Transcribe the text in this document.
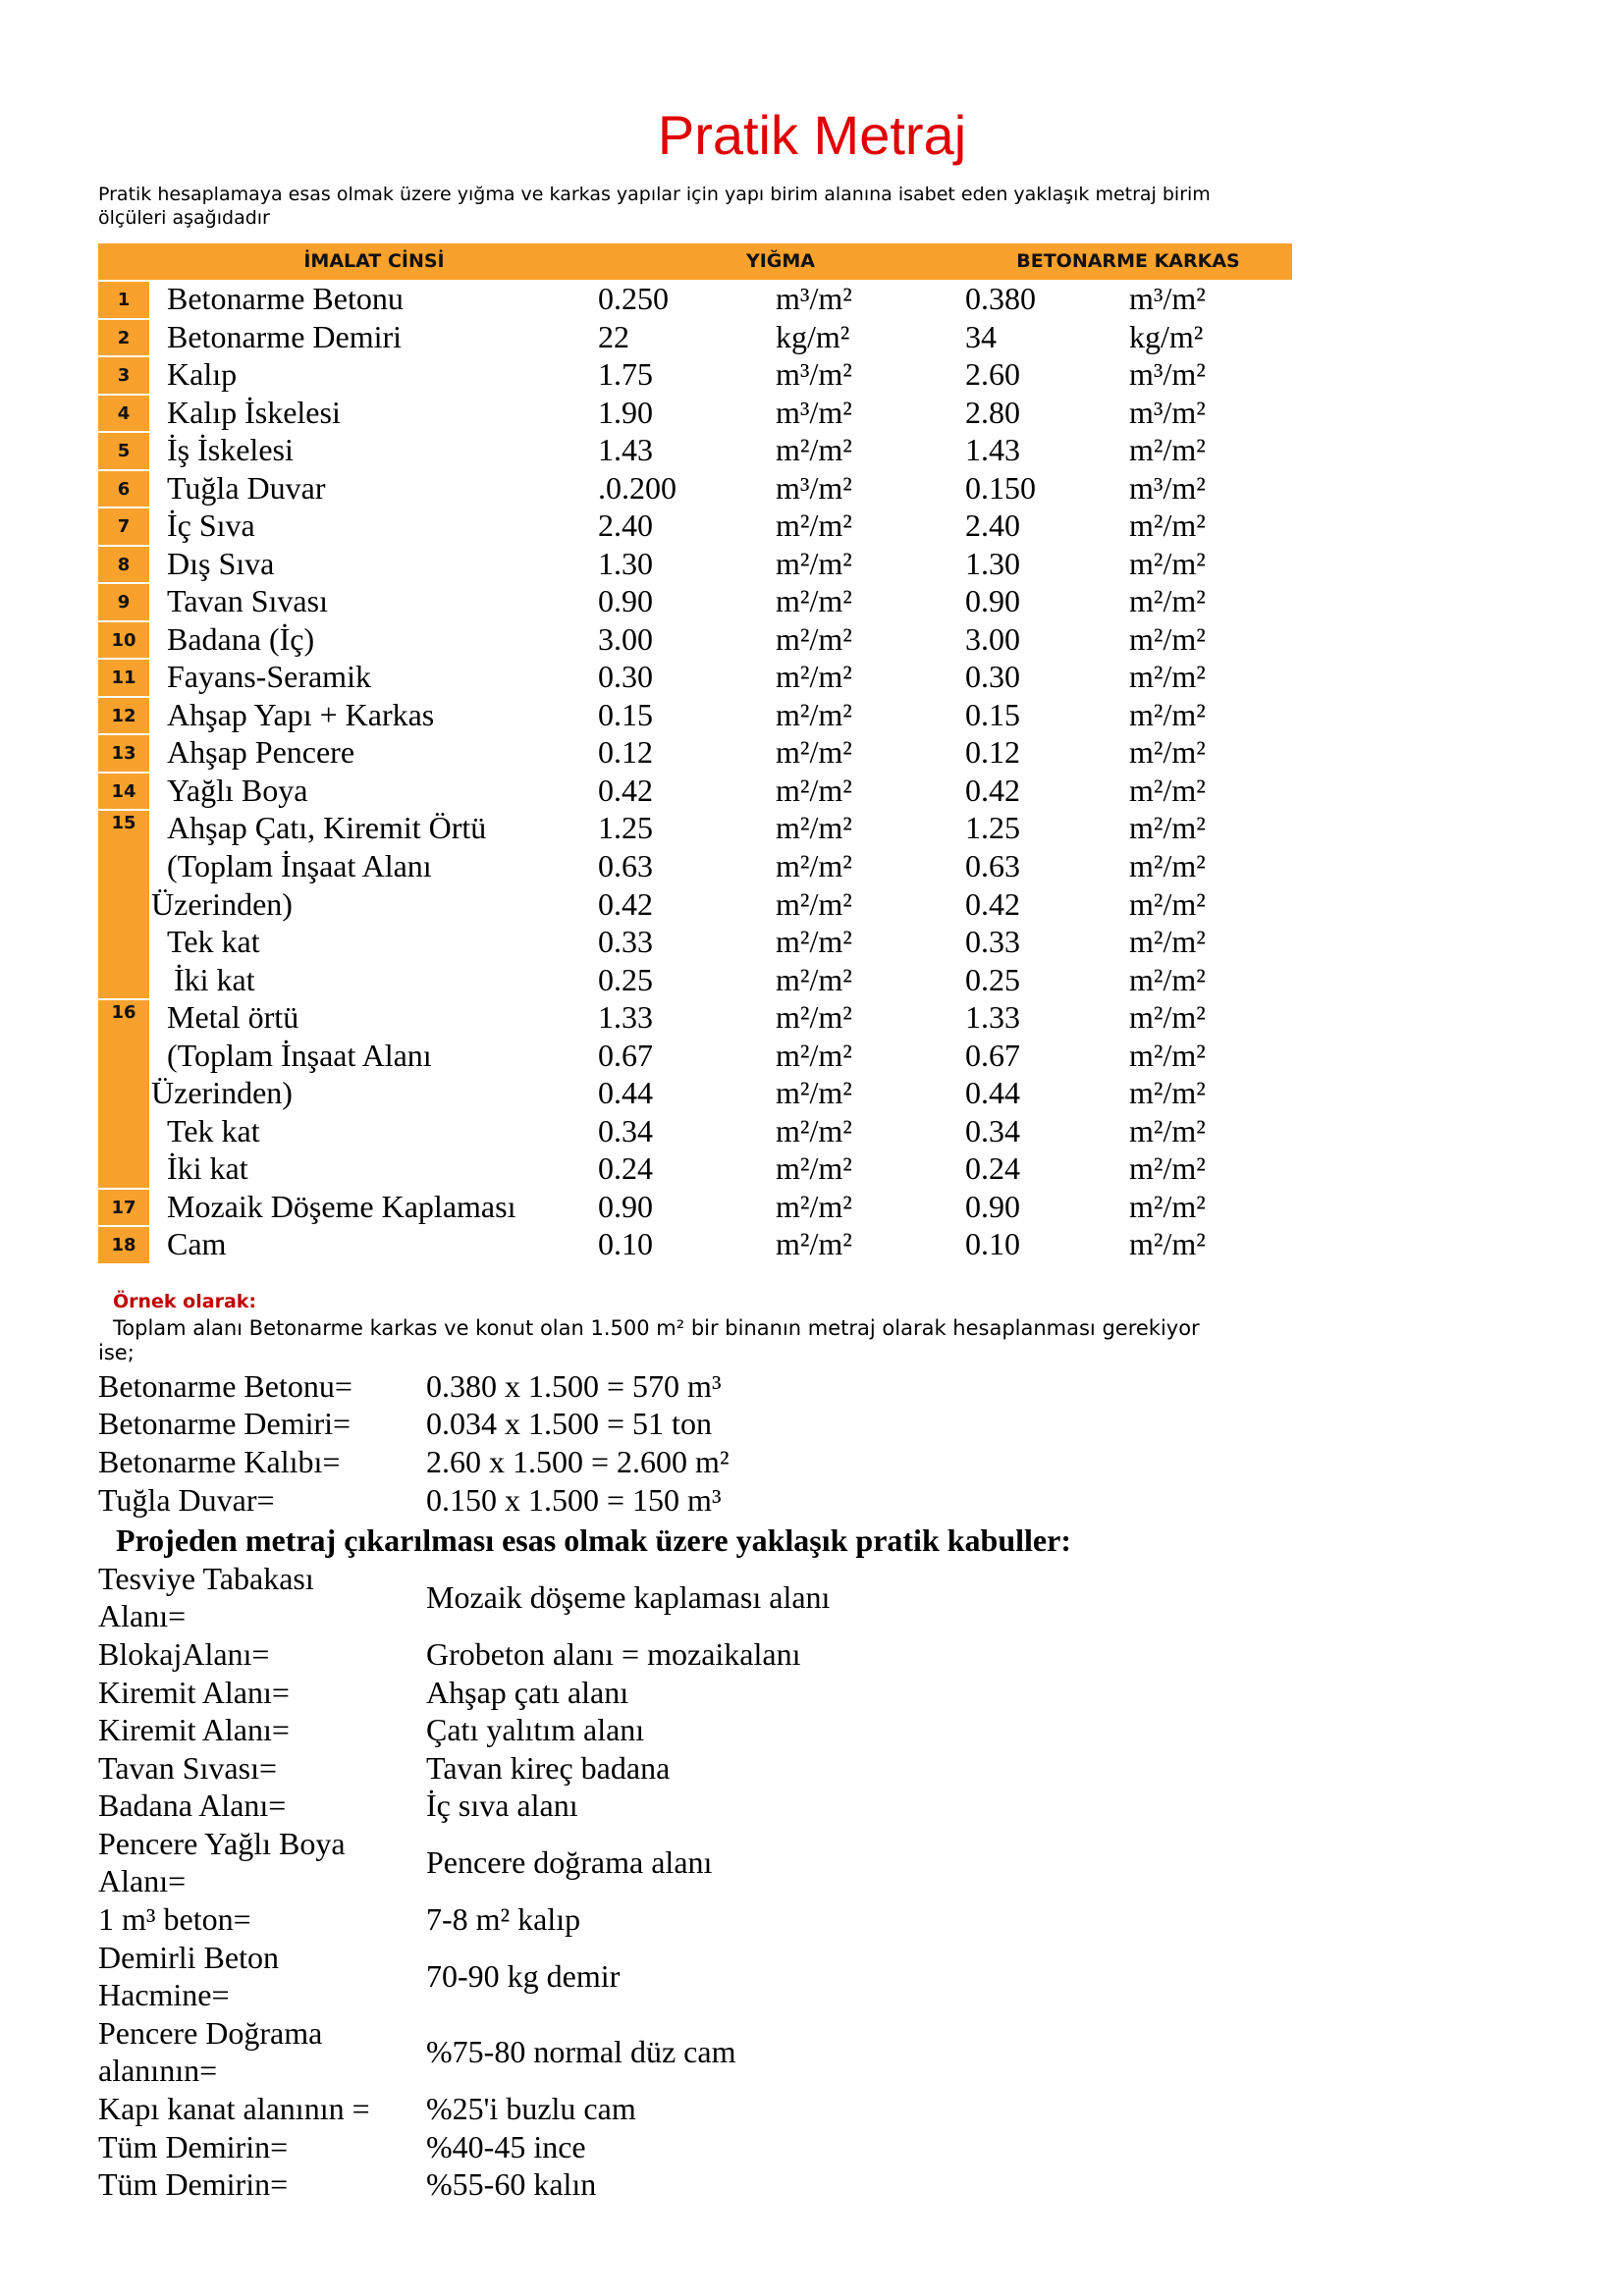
Pratik Metraj
Pratik hesaplamaya esas olmak üzere yığma ve karkas yapılar için yapı birim alanına isabet eden yaklaşık metraj birim
ölçüleri aşağıdadır
İMALAT CİNSİ	YIĞMA	BETONARME KARKAS
1	Betonarme Betonu	0.250	m³/m²	0.380	m³/m²
2	Betonarme Demiri	22	kg/m²	34	kg/m²
3	Kalıp	1.75	m³/m²	2.60	m³/m²
4	Kalıp İskelesi	1.90	m³/m²	2.80	m³/m²
5	İş İskelesi	1.43	m²/m²	1.43	m²/m²
6	Tuğla Duvar	.0.200	m³/m²	0.150	m³/m²
7	İç Sıva	2.40	m²/m²	2.40	m²/m²
8	Dış Sıva	1.30	m²/m²	1.30	m²/m²
9	Tavan Sıvası	0.90	m²/m²	0.90	m²/m²
10 Badana (İç)	3.00	m²/m²	3.00	m²/m²
11 Fayans-Seramik	0.30	m²/m²	0.30	m²/m²
12 Ahşap Yapı + Karkas	0.15	m²/m²	0.15	m²/m²
13 Ahşap Pencere	0.12	m²/m²	0.12	m²/m²
14 Yağlı Boya	0.42	m²/m²	0.42	m²/m²
15 Ahşap Çatı, Kiremit Örtü	1.25	m²/m²	1.25	m²/m²
(Toplam İnşaat Alanı	0.63	m²/m²	0.63	m²/m²
Üzerinden)	0.42	m²/m²	0.42	m²/m²
Tek kat	0.33	m²/m²	0.33	m²/m²
İki kat	0.25	m²/m²	0.25	m²/m²
16 Metal örtü	1.33	m²/m²	1.33	m²/m²
(Toplam İnşaat Alanı	0.67	m²/m²	0.67	m²/m²
Üzerinden)	0.44	m²/m²	0.44	m²/m²
Tek kat	0.34	m²/m²	0.34	m²/m²
İki kat	0.24	m²/m²	0.24	m²/m²
17 Mozaik Döşeme Kaplaması	0.90	m²/m²	0.90	m²/m²
18 Cam	0.10	m²/m²	0.10	m²/m²
Örnek olarak:
Toplam alanı Betonarme karkas ve konut olan 1.500 m² bir binanın metraj olarak hesaplanması gerekiyor
ise;
Betonarme Betonu= 0.380 x 1.500 = 570 m³
Betonarme Demiri= 0.034 x 1.500 = 51 ton
Betonarme Kalıbı=	2.60 x 1.500 = 2.600 m²
Tuğla Duvar=	0.150 x 1.500 = 150 m³
Projeden metraj çıkarılması esas olmak üzere yaklaşık pratik kabuller:
Tesviye Tabakası
Alanı=
Mozaik döşeme kaplaması alanı
BlokajAlanı=	Grobeton alanı = mozaikalanı
Kiremit Alanı=	Ahşap çatı alanı
Kiremit Alanı=	Çatı yalıtım alanı
Tavan Sıvası=	Tavan kireç badana
Badana Alanı=	İç sıva alanı
Pencere Yağlı Boya
Alanı=
Pencere doğrama alanı
1 m³ beton=	7-8 m² kalıp
Demirli Beton
Hacmine=
70-90 kg demir
Pencere Doğrama
alanının=
%75-80 normal düz cam
Kapı kanat alanının = %25'i buzlu cam
Tüm Demirin=	%40-45 ince
Tüm Demirin=	%55-60 kalın
